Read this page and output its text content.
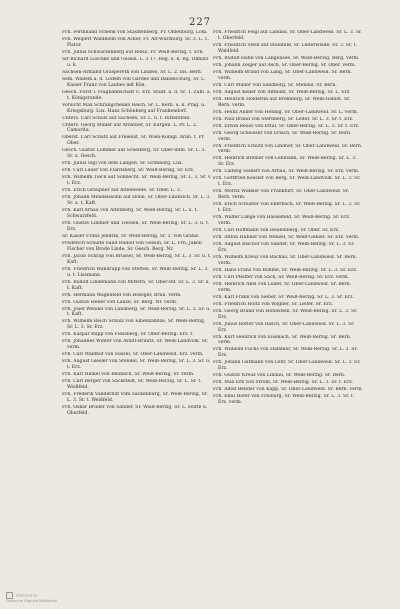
227
Frh. Ferdinand Schenk von Stauffenberg, Fr. Oldenburg, Lodi.
Frh. Weipert Waldheim von Acker, Fr. Alt-Würzburg. Sr. 3. L. 1. Pistor.
Frh. Julius Schwarzenberg auf Riesa, Fr. Weiß-Berzig, t. Ern.
Sir Richard Löschke und Gessin. L. 3 17. Reg. u. k. Rg. Olmütz u. k.
Sachsen-Armand Graspereth von Laubes, Sr. L. 2. bis. Bern.
Sem. Wallem a. d. Lödem von Gardes und Bandes-burg, Sr. L. Kaiser Franz von Laubes mit Kön.
Gesch. Fürst I. Flugbahnschaft U. Erz. Stadt. a. d. Sr. 1. Zahl. a. t. Königsrunde.
Vorsicht Max Schrangchenko Reich, Sr. L. Kern. u. k. Prag. u. Kriegsburg. Lux. Hans Schönberg auf Frankendorf.
Unters. Carl Scholz auf Sachsen, Sr. L. u. t. Rittersfeld.
Unters. Georg Müller auf Arnstner, Sr. Kurgen. L. Pr. L. 2. Camorita.
Oberst. Carl Schütz auf Freienst, Sr. Wien-Königl. Arab. t. Pr. Ober.
Gesch. Gustav Lömmer auf Scheiberg, Sr. Ober-Infel. Sr. L. 3. Sr. u. Gesch.
Frh. Julius Sigl von dem Langen, Sr. Grimberg, Lux.
Frh. Carl Lauer von Flardsberg, Sr. Weiß-Berzig, Sr. Erz.
Frh. Wilhelm Tieck auf Söhnecht. Sr. Weiß-Berzig, Sr. L. 3. Sr. v. t. Erz.
Frh. Erich Graupner auf Altenweide, Sr. Ober. L. 3.
Frh. Johann Mendelssohn auf Höhe, Sr. Ober-Lindwich. Sr. L. 3. Sr. u. t. Kaft.
Frh. Karl Arnau von Altenberg, Sr. Weiß-Berzig, Sr. L. u. t. Schwarzfeld.
Frh. Gustav Lindner und Tiessen, Sr. Weiß-Berzig, Sr. L. 3. u. t. Erz.
Sr. Kaiser Franz Jendrik, Sr. Weiß-Berzig, Sr. 3. von Grand.
Frederich-Schulte Sand Rudolf von Gessin, Sr. L. Frh. Jakob Fischer von Brode Linde, Sr. Gesch. Berg. Nr.
Frh. Jacob Schrap von Brüssel, Sr. Weiß-Berzig, Sr. L. 3. Sr. u. t. Kaft.
Frh. Friedrich Wandrupp von Stetten, Sr. Weiß-Berzig, Sr. L. 3. u. t. Lissmann.
Frh. Rudolf Lindemann von Mittern, Sr. Ober-Inf. Sr. L. 3. Sr. u. t. Kaft.
Frh. Hermann Wagenfeld von Hößiger, Brun. verm.
Frh. Gustav Heller von Lanze, Sr. Berg. Nr. verm.
Frh. Josef Wendel von Landberg, Sr. Weiß-Berzig, Sr. L. 3. Sr. u. t. Kaft.
Frh. Wilhelm Reich Schulz von Elbenzahnze, Sr. Weiß-Berzig, Sr. L. 3. Sr. Erz.
Frh. Kaspar Rupp von Flessberg, Sr. Ober-Berzig. Erz. t.
Frh. Johannes Winter von Arndt-Brinitz, Sr. Weiß-Landvolk. Sr. verm.
Frh. Carl Waldhof von Süssel, Sr. Ober-Landweid. Erz. verm.
Frh. August Giesler von Stendel, Sr. Weiß-Berzig, Sr. L. 3. Sr. u. t. Erz.
Frh. Karl Hinkel von Bleibach, Sr. Weiß-Berzig, Sr. verm.
Frh. Carl Berger von Sackstedt, Sr. Weiß-Berzig, Sr. L. Sr. t. Weißfeld.
Frh. Frederik Vanderbilt vom Sackenburg, Sr. Weiß-Berzig, Sr. L. 3. Sr. t. Weißfeld.
Frh. Oskar Bruder von Sander, Sr. Weiß-Berzig, Sr. L. Hütte u. Oberfeld.
Frh. Friedrich Feigl auf Landau, Sr. Ober-Landweid. Sr. L. 3. Sr. t. Oberfeld.
Frh. Friedrich Stein auf Steinfeld, Sr. Leiterweide, Sr. 3. Sr. t. Waldfeld.
Frh. Rudolf Hahn von Langensee, Sr. Weiß-Berzig, Berg. verm.
Frh. Johann Zeiger auf Asch, Sr. Ober-Berzig, Sr. Ober. verm.
Frh. Wilhelm Brand von Lang, Sr. Ober-Landweid. Sr. Bern. verm.
Frh. Carl Müller von Sandberg, Sr. Stendal, Sr. Bern.
Frh. August Keller von Altmühl, Sr. Weiß-Berzig, Sr. L. Erz.
Frh. Heinrich Hölderlin auf Bremberg, Sr. Weiß-Gebiet. Sr. Bern. verm.
Frh. Heinz Anker von Hennig, Sr. Ober-Landweid. Sr. L. verm.
Frh. Paul Brand von Sternberg, Sr. Leiter. Sr. L. 3. Sr. t. Erz.
Frh. Erwin Reuss von Ettal, Sr. Ober-Berzig. Sr. L. 3. Sr. t. Erz.
Frh. Georg Schlosser von Erlach, Sr. Weiß-Berzig. Sr. Bern. verm.
Frh. Friedrich Schütz von Lindner, Sr. Ober-Landweid. Sr. Bern. verm.
Frh. Heinrich Bremer von Lehmann, Sr. Weiß-Berzig. Sr. L. 3. Sr. Erz.
Frh. Ludwig Seibert von Arnau, Sr. Weiß-Berzig. Sr. Erz. verm.
Frh. Gottfried Kessler von Berg, Sr. Weiß-Landvolk. Sr. L. 3. Sr. t. Erz.
Frh. Moritz Winkler von Frankfurt, Sr. Ober-Landweid. Sr. Bern. verm.
Frh. Erich Schuster von Eberbach, Sr. Weiß-Berzig. Sr. L. 3. Sr. t. Erz.
Frh. Walter Lange von Hasselfeld, Sr. Weiß-Berzig. Sr. Erz. verm.
Frh. Carl Hoffmann von Heidenberg, Sr. Ober. Sr. Erz.
Frh. Anton Hübner von Wenzel, Sr. Weiß-Gebiet. Sr. Erz. verm.
Frh. August Bischof von Sander, Sr. Weiß-Berzig. Sr. L. 3. Sr. Erz.
Frh. Wilhelm Kreuz von Bachau, Sr. Ober-Landweid. Sr. Bern. verm.
Frh. Hans Franz von Böhme, Sr. Weiß-Berzig. Sr. L. 3. Sr. Erz.
Frh. Carl Pfeiffer von Sack, Sr. Weiß-Berzig. Sr. Erz. verm.
Frh. Heinrich Abel von Lüder, Sr. Ober-Landweid. Sr. Bern. verm.
Frh. Karl Frank von Sieber, Sr. Weiß-Berzig. Sr. L. 3. Sr. Erz.
Frh. Friedrich Holtz von Wagner, Sr. Leiter. Sr. Erz.
Frh. Georg Brand von Hohnstein, Sr. Weiß-Berzig. Sr. L. 3. Sr. Erz.
Frh. Julius Rotter von Rasch, Sr. Ober-Landweid. Sr. L. 3. Sr. Erz.
Frh. Kurt Heinrich von Eisenach, Sr. Weiß-Berzig. Sr. Bern. verm.
Frh. Wilhelm Fuchs von Hammer, Sr. Weiß-Berzig. Sr. L. 3. Sr. Erz.
Frh. Johann Gutmann von Lehr, Sr. Ober-Landweid. Sr. L. 3. Sr. Erz.
Frh. Gustav Kreuz von Lindau, Sr. Weiß-Berzig. Sr. Bern.
Frh. Max Erb von Strom, Sr. Weiß-Berzig. Sr. L. 3. Sr. t. Erz.
Frh. Adolf Bender von Kapp, Sr. Ober-Landweid. Sr. Bern. verm.
Frh. Emil Hofer von Freiburg, Sr. Weiß-Berzig, Sr. L. 3. Sr. t. Erz. verm.
Digitized by
Deutsche Digitale Bibliothek
